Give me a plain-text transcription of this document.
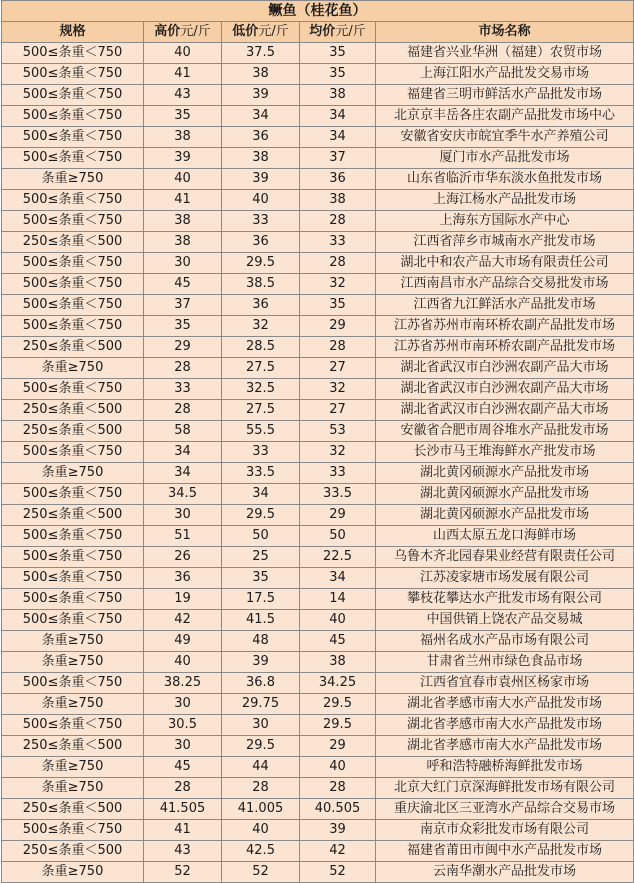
鳜鱼（桂花鱼）				
规格	高价元/斤	低价元/斤	均价元/斤	市场名称
500≤条重＜750	40	37.5	35	福建省兴业华洲（福建）农贸市场
500≤条重＜750	41	38	35	上海江阳水产品批发交易市场
500≤条重＜750	43	39	38	福建省三明市鲜活水产品批发市场
500≤条重＜750	35	34	34	北京京丰岳各庄农副产品批发市场中心
500≤条重＜750	38	36	34	安徽省安庆市皖宜季牛水产养殖公司
500≤条重＜750	39	38	37	厦门市水产品批发市场
条重≥750	40	39	36	山东省临沂市华东淡水鱼批发市场
500≤条重＜750	41	40	38	上海江杨水产品批发市场
500≤条重＜750	38	33	28	上海东方国际水产中心
250≤条重＜500	38	36	33	江西省萍乡市城南水产批发市场
500≤条重＜750	30	29.5	28	湖北中和农产品大市场有限责任公司
500≤条重＜750	45	38.5	32	江西南昌市水产品综合交易批发市场
500≤条重＜750	37	36	35	江西省九江鲜活水产品批发市场
500≤条重＜750	35	32	29	江苏省苏州市南环桥农副产品批发市场
250≤条重＜500	29	28.5	28	江苏省苏州市南环桥农副产品批发市场
条重≥750	28	27.5	27	湖北省武汉市白沙洲农副产品大市场
500≤条重＜750	33	32.5	32	湖北省武汉市白沙洲农副产品大市场
250≤条重＜500	28	27.5	27	湖北省武汉市白沙洲农副产品大市场
250≤条重＜500	58	55.5	53	安徽省合肥市周谷堆水产品批发市场
500≤条重＜750	34	33	32	长沙市马王堆海鲜水产批发市场
条重≥750	34	33.5	33	湖北黄冈硕源水产品批发市场
500≤条重＜750	34.5	34	33.5	湖北黄冈硕源水产品批发市场
250≤条重＜500	30	29.5	29	湖北黄冈硕源水产品批发市场
500≤条重＜750	51	50	50	山西太原五龙口海鲜市场
500≤条重＜750	26	25	22.5	乌鲁木齐北园春果业经营有限责任公司
500≤条重＜750	36	35	34	江苏凌家塘市场发展有限公司
500≤条重＜750	19	17.5	14	攀枝花攀达水产批发市场有限公司
500≤条重＜750	42	41.5	40	中国供销上饶农产品交易城
条重≥750	49	48	45	福州名成水产品市场有限公司
条重≥750	40	39	38	甘肃省兰州市绿色食品市场
500≤条重＜750	38.25	36.8	34.25	江西省宜春市袁州区杨家市场
条重≥750	30	29.75	29.5	湖北省孝感市南大水产品批发市场
500≤条重＜750	30.5	30	29.5	湖北省孝感市南大水产品批发市场
250≤条重＜500	30	29.5	29	湖北省孝感市南大水产品批发市场
条重≥750	45	44	40	呼和浩特融桥海鲜批发市场
条重≥750	28	28	28	北京大红门京深海鲜批发市场有限公司
250≤条重＜500	41.505	41.005	40.505	重庆渝北区三亚湾水产品综合交易市场
500≤条重＜750	41	40	39	南京市众彩批发市场有限公司
250≤条重＜500	43	42.5	42	福建省莆田市闽中水产品批发市场
条重≥750	52	52	52	云南华潮水产品批发市场
